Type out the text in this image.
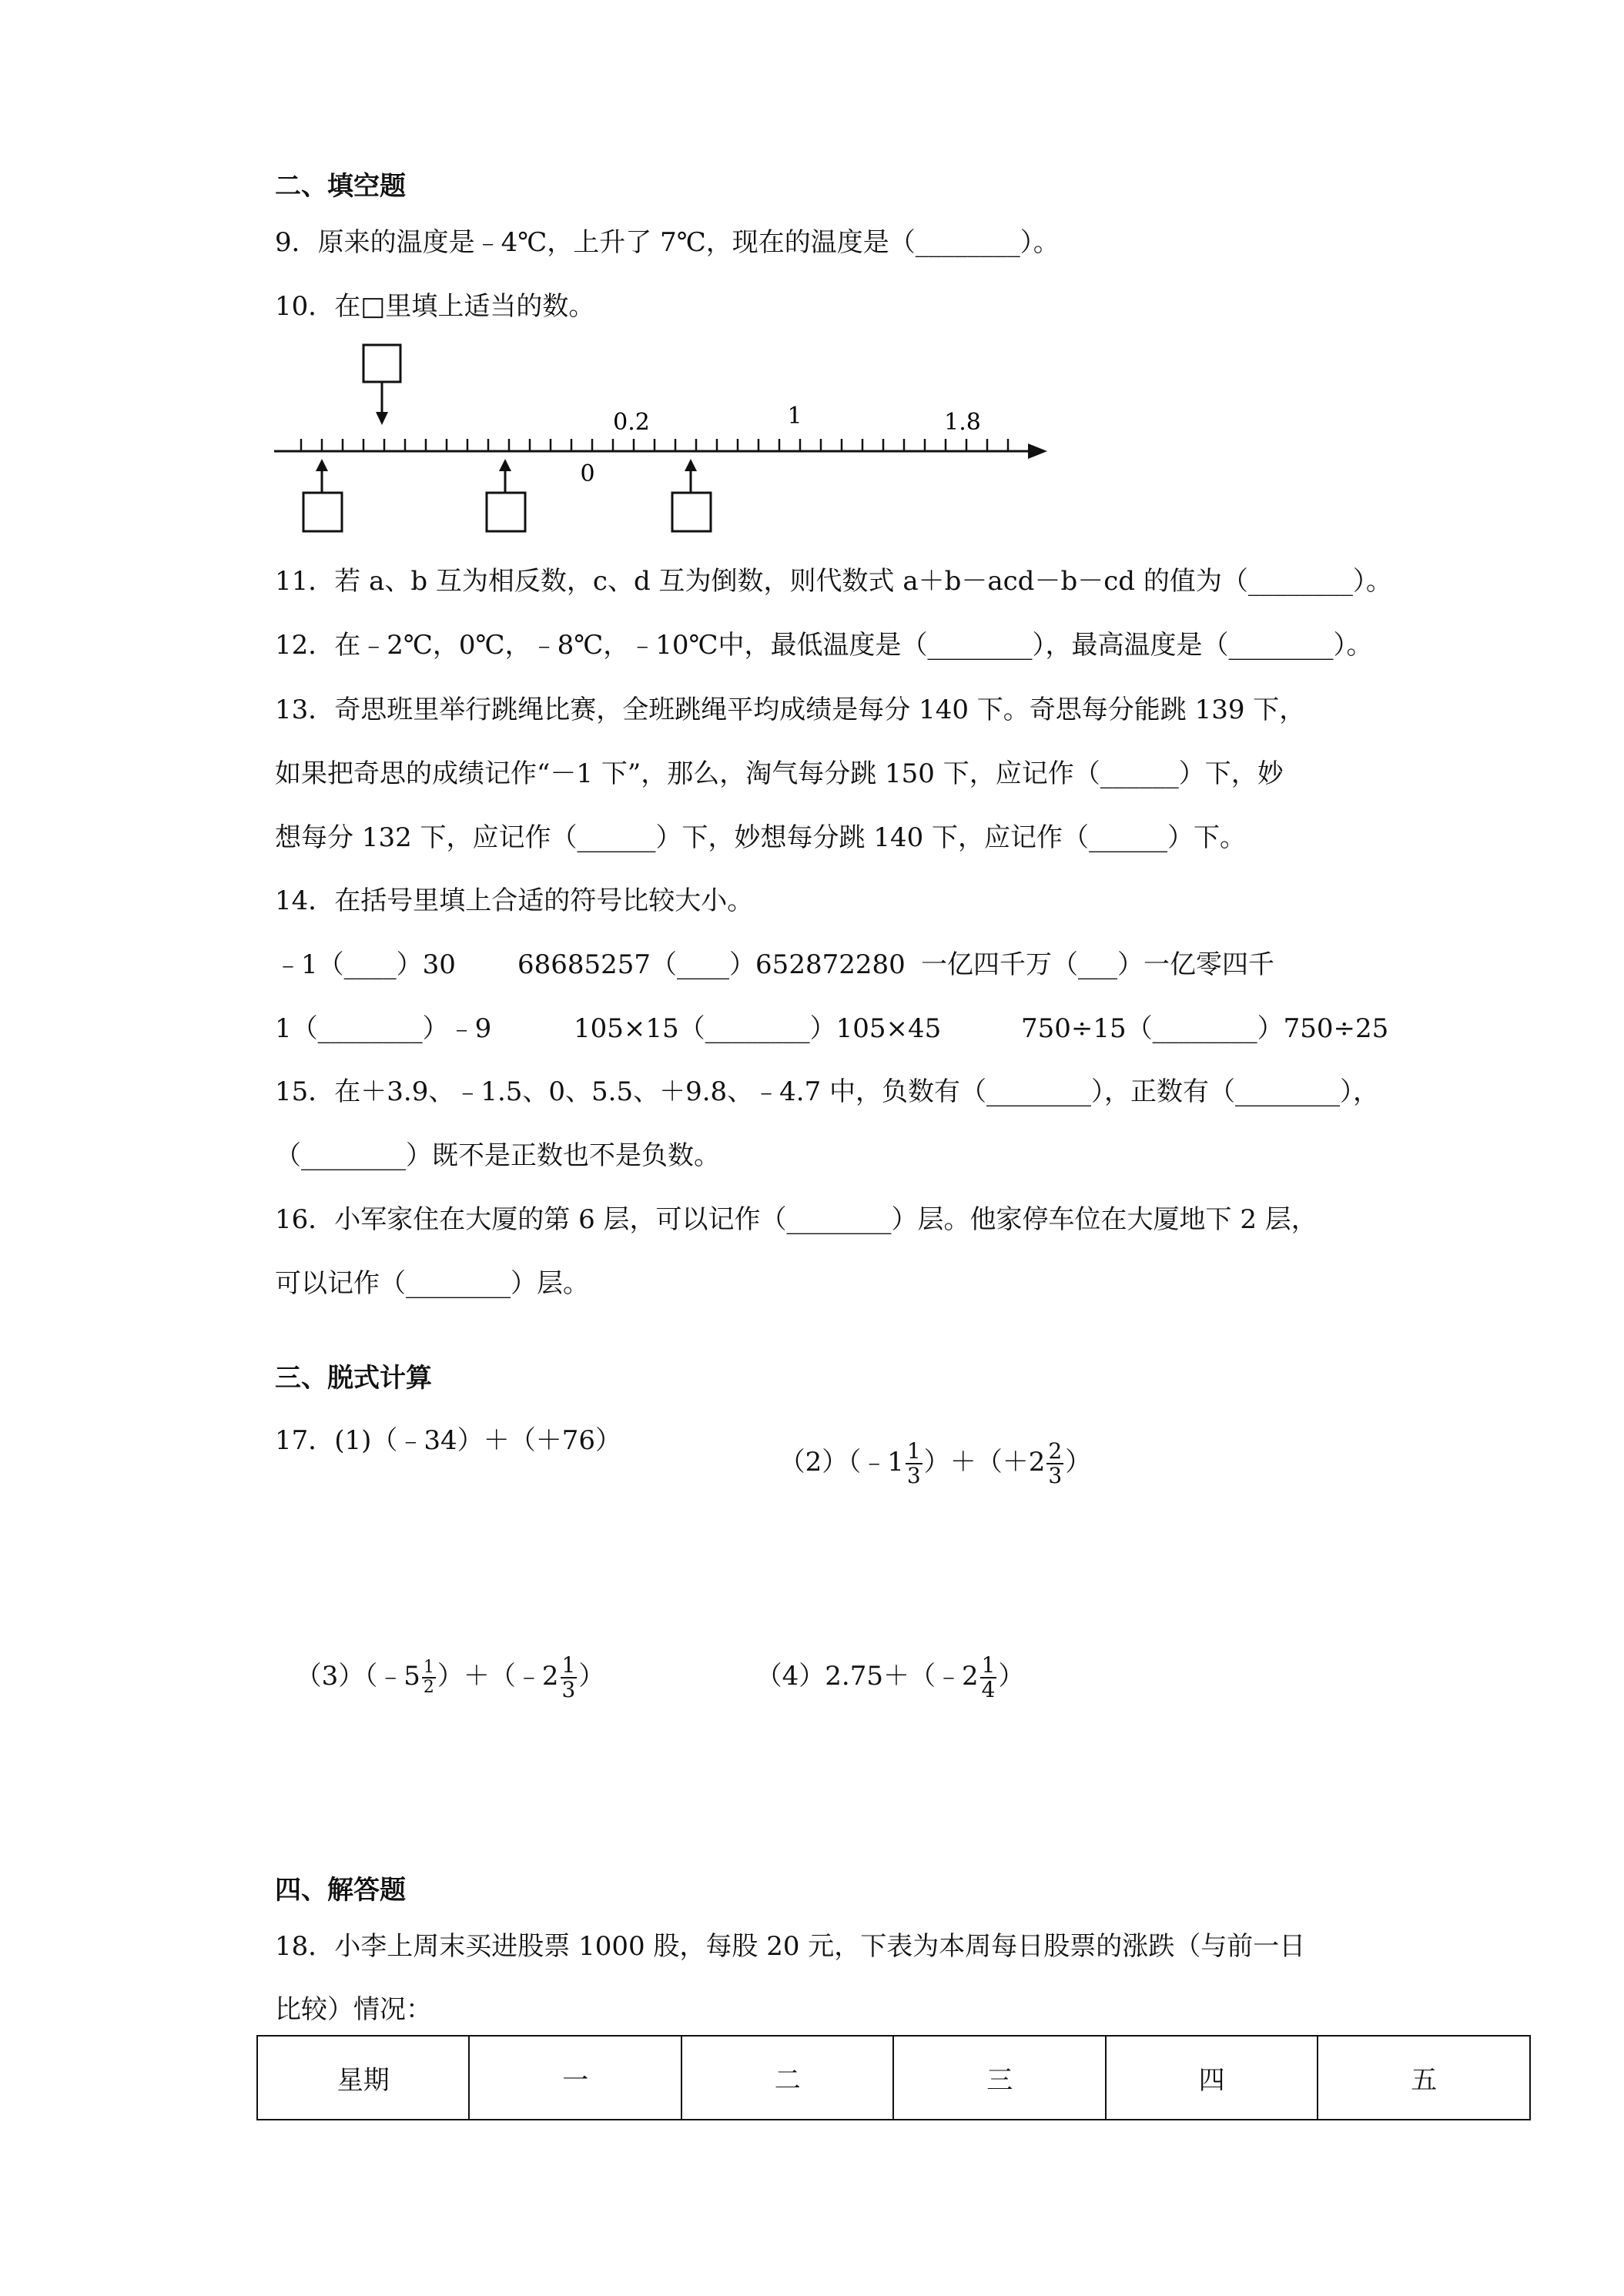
二、填空题
9．原来的温度是﹣4℃，上升了 7℃，现在的温度是（________）。
10．在□里填上适当的数。
0
0.2	1	1.8
11．若 a、b 互为相反数，c、d 互为倒数，则代数式 a＋b－acd－b－cd 的值为（________）。
12．在﹣2℃，0℃，﹣8℃，﹣10℃中，最低温度是（________），最高温度是（________）。
13．奇思班里举行跳绳比赛，全班跳绳平均成绩是每分 140 下。奇思每分能跳 139 下，
如果把奇思的成绩记作“－1 下”，那么，淘气每分跳 150 下，应记作（______）下，妙
想每分 132 下，应记作（______）下，妙想每分跳 140 下，应记作（______）下。
14．在括号里填上合适的符号比较大小。
﹣1（____）30 68685257（____）652872280 一亿四千万（___）一亿零四千
1（________）﹣9	105×15（________）105×45	750÷15（________）750÷25
15．在＋3.9、﹣1.5、0、5.5、＋9.8、﹣4.7 中，负数有（________），正数有（________），
（________）既不是正数也不是负数。
16．小军家住在大厦的第 6 层，可以记作（________）层。他家停车位在大厦地下 2 层，
可以记作（________）层。
三、脱式计算
17．(1)（﹣34）＋（＋76）

（2）（﹣1 $\frac{1}{3} )+(+2 \frac{2}{3}$ ）

（3）（﹣5 $\frac{1}{2}$ ）＋（﹣2 $\frac{1}{3}$ ）	（4）2.75＋（﹣2 $\frac{1}{4}$ ）

四、解答题
18．小李上周末买进股票 1000 股，每股 20 元，下表为本周每日股票的涨跌（与前一日
比较）情况：
星期	一	二	三	四	五
